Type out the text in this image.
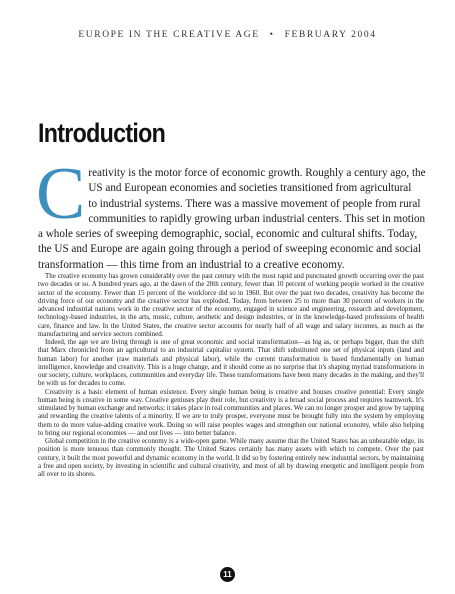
EUROPE IN THE CREATIVE AGE • FEBRUARY 2004
Introduction
C reativity is the motor force of economic growth. Roughly a century ago, the
US and European economies and societies transitioned from agricultural
to industrial systems. There was a massive movement of people from rural
communities to rapidly growing urban industrial centers. This set in motion
a whole series of sweeping demographic, social, economic and cultural shifts. Today,
the US and Europe are again going through a period of sweeping economic and social
transformation — this time from an industrial to a creative economy.

The creative economy has grown considerably over the past century with the most rapid and punctuated growth occurring over the past two decades or so. A hundred years ago, at the dawn of the 20th century, fewer than 10 percent of working people worked in the creative sector of the economy. Fewer than 15 percent of the workforce did so in 1960. But over the past two decades, creativity has become the driving force of our economy and the creative sector has exploded. Today, from between 25 to more than 30 percent of workers in the advanced industrial nations work in the creative sector of the economy, engaged in science and engineering, research and development, technology-based industries, in the arts, music, culture, aesthetic and design industries, or in the knowledge-based professions of health care, finance and law. In the United States, the creative sector accounts for nearly half of all wage and salary incomes, as much as the manufacturing and service sectors combined.

Indeed, the age we are living through is one of great economic and social transformation—as big as, or perhaps bigger, than the shift that Marx chronicled from an agricultural to an industrial capitalist system. That shift substituted one set of physical inputs (land and human labor) for another (raw materials and physical labor), while the current transformation is based fundamentally on human intelligence, knowledge and creativity. This is a huge change, and it should come as no surprise that it's shaping myriad transformations in our society, culture, workplaces, communities and everyday life. These transformations have been many decades in the making, and they'll be with us for decades to come.

Creativity is a basic element of human existence. Every single human being is creative and houses creative potential: Every single human being is creative in some way. Creative geniuses play their role, but creativity is a broad social process and requires teamwork. It's stimulated by human exchange and networks; it takes place in real communities and places. We can no longer prosper and grow by tapping and rewarding the creative talents of a minority. If we are to truly prosper, everyone must be brought fully into the system by employing them to do more value-adding creative work. Doing so will raise peoples wages and strengthen our national economy, while also helping to bring our regional economies — and our lives — into better balance.

Global competition in the creative economy is a wide-open game. While many assume that the United States has an unbeatable edge, its position is more tenuous than commonly thought. The United States certainly has many assets with which to compete. Over the past century, it built the most powerful and dynamic economy in the world. It did so by fostering entirely new industrial sectors, by maintaining a free and open society, by investing in scientific and cultural creativity, and most of all by drawing energetic and intelligent people from all over to its shores.

11
